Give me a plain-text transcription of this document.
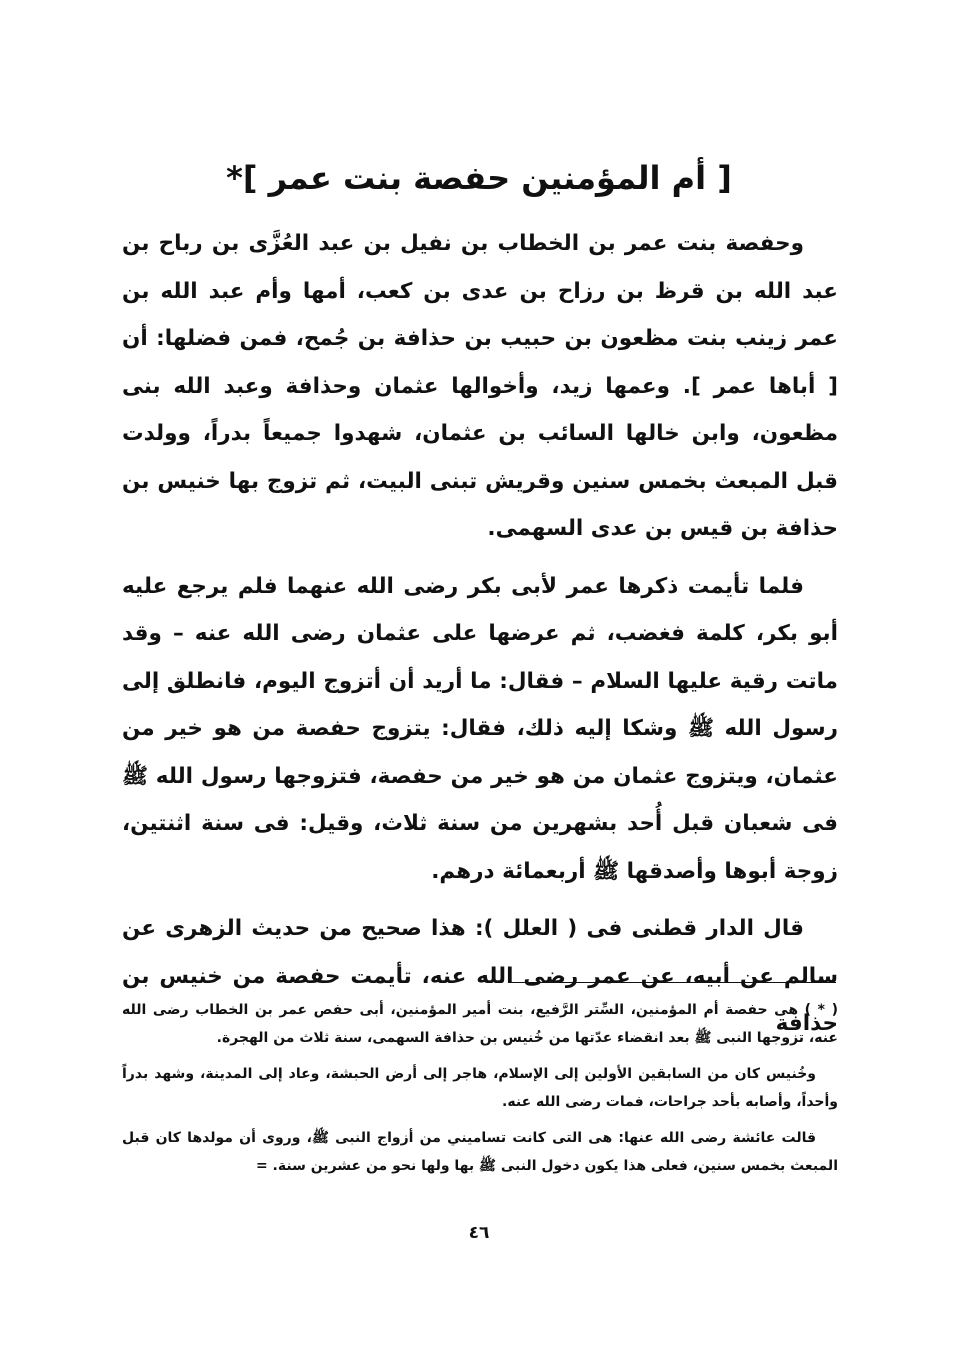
[ أم المؤمنين حفصة بنت عمر ]*

وحفصة بنت عمر بن الخطاب بن نفيل بن عبد العُزَّى بن رباح بن عبد الله بن قرظ بن رزاح بن عدى بن كعب، أمها وأم عبد الله بن عمر زينب بنت مظعون بن حبيب بن حذافة بن جُمح، فمن فضلها: أن [ أباها عمر ]. وعمها زيد، وأخوالها عثمان وحذافة وعبد الله بنى مظعون، وابن خالها السائب بن عثمان، شهدوا جميعاً بدراً، وولدت قبل المبعث بخمس سنين وقريش تبنى البيت، ثم تزوج بها خنيس بن حذافة بن قيس بن عدى السهمى.

فلما تأيمت ذكرها عمر لأبى بكر رضى الله عنهما فلم يرجع عليه أبو بكر، كلمة فغضب، ثم عرضها على عثمان رضى الله عنه – وقد ماتت رقية عليها السلام – فقال: ما أريد أن أتزوج اليوم، فانطلق إلى رسول الله ﷺ وشكا إليه ذلك، فقال: يتزوج حفصة من هو خير من عثمان، ويتزوج عثمان من هو خير من حفصة، فتزوجها رسول الله ﷺ فى شعبان قبل أُحد بشهرين من سنة ثلاث، وقيل: فى سنة اثنتين، زوجة أبوها وأصدقها ﷺ أربعمائة درهم.

قال الدار قطنى فى ( العلل ): هذا صحيح من حديث الزهرى عن سالم عن أبيه، عن عمر رضى الله عنه، تأيمت حفصة من خنيس بن حذافة

( * ) هى حفصة أم المؤمنين، السِّتر الرَّفيع، بنت أمير المؤمنين، أبى حفص عمر بن الخطاب رضى الله عنه، تزوجها النبى ﷺ بعد انقضاء عدّتها من خُنيس بن حذافة السهمى، سنة ثلاث من الهجرة.

وخُنيس كان من السابقين الأولين إلى الإسلام، هاجر إلى أرض الحبشة، وعاد إلى المدينة، وشهد بدراً وأحداً، وأصابه بأحد جراحات، فمات رضى الله عنه.

قالت عائشة رضى الله عنها: هى التى كانت تساميني من أزواج النبى ﷺ، وروى أن مولدها كان قبل المبعث بخمس سنين، فعلى هذا يكون دخول النبى ﷺ بها ولها نحو من عشرين سنة. =

٤٦
